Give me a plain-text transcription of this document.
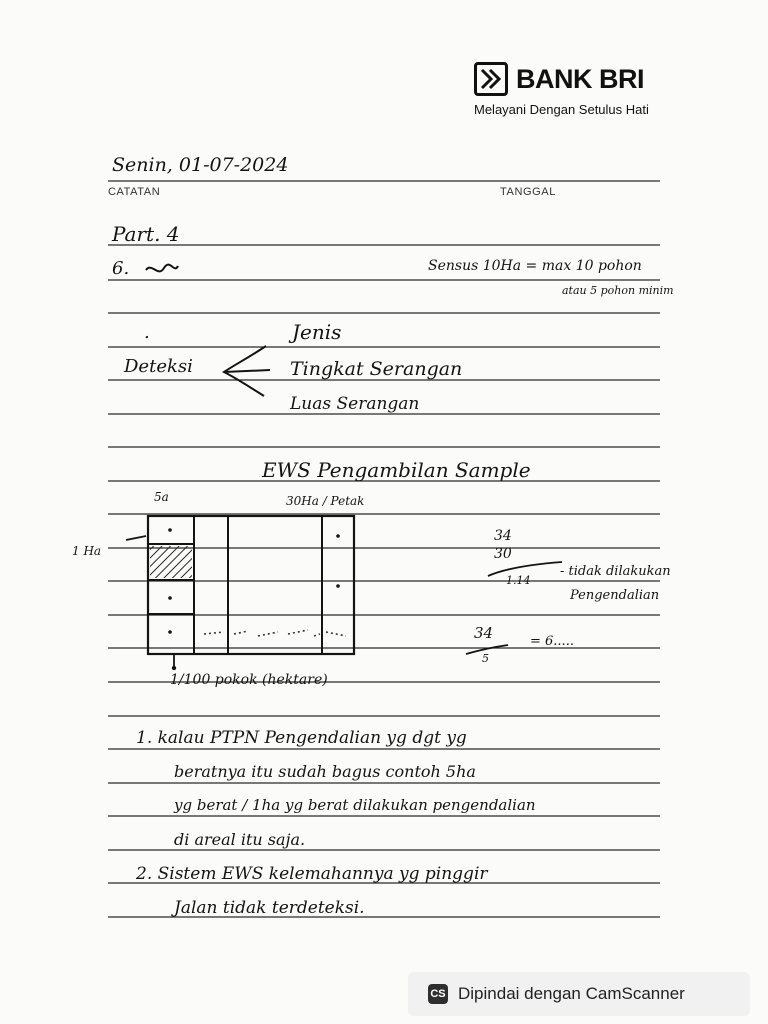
BANK BRI
Melayani Dengan Setulus Hati
Senin, 01-07-2024
CATATAN	TANGGAL
Part. 4
6.	Sensus 10Ha = max 10 pohon
atau 5 pohon minim
.
Deteksi
Jenis
Tingkat Serangan
Luas Serangan
EWS Pengambilan Sample
5a	30Ha / Petak
1 Ha
34
30
1.14
- tidak dilakukan
Pengendalian
34
5
= 6.....
1/100 pokok (hektare)
1. kalau PTPN Pengendalian yg dgt yg
beratnya itu sudah bagus contoh 5ha
yg berat / 1ha yg berat dilakukan pengendalian
di areal itu saja.
2. Sistem EWS kelemahannya yg pinggir
Jalan tidak terdeteksi.
CS Dipindai dengan CamScanner
